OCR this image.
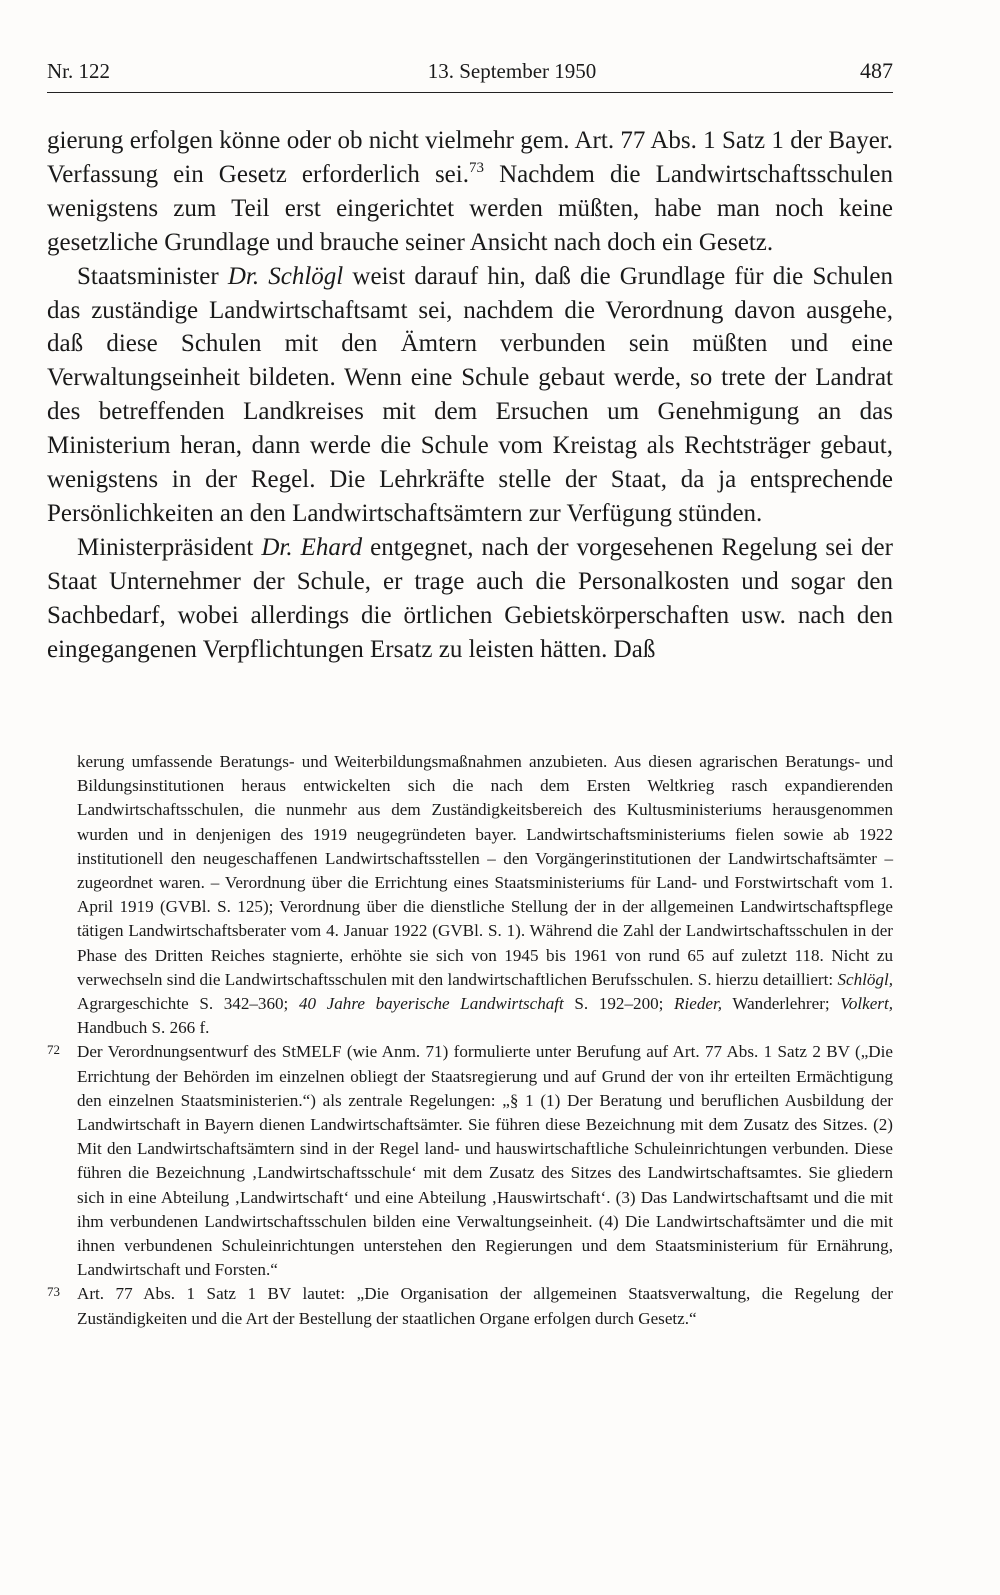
Nr. 122	13. September 1950	487

gierung erfolgen könne oder ob nicht vielmehr gem. Art. 77 Abs. 1 Satz 1 der Bayer. Verfassung ein Gesetz erforderlich sei.$^{73}$ Nachdem die Landwirtschaftsschulen wenigstens zum Teil erst eingerichtet werden müßten, habe man noch keine gesetzliche Grundlage und brauche seiner Ansicht nach doch ein Gesetz.

Staatsminister Dr. Schlögl weist darauf hin, daß die Grundlage für die Schulen das zuständige Landwirtschaftsamt sei, nachdem die Verordnung davon ausgehe, daß diese Schulen mit den Ämtern verbunden sein müßten und eine Verwaltungseinheit bildeten. Wenn eine Schule gebaut werde, so trete der Landrat des betreffenden Landkreises mit dem Ersuchen um Genehmigung an das Ministerium heran, dann werde die Schule vom Kreistag als Rechtsträger gebaut, wenigstens in der Regel. Die Lehrkräfte stelle der Staat, da ja entsprechende Persönlichkeiten an den Landwirtschaftsämtern zur Verfügung stünden.

Ministerpräsident Dr. Ehard entgegnet, nach der vorgesehenen Regelung sei der Staat Unternehmer der Schule, er trage auch die Personalkosten und sogar den Sachbedarf, wobei allerdings die örtlichen Gebietskörperschaften usw. nach den eingegangenen Verpflichtungen Ersatz zu leisten hätten. Daß

kerung umfassende Beratungs- und Weiterbildungsmaßnahmen anzubieten. Aus diesen agrarischen Beratungs- und Bildungsinstitutionen heraus entwickelten sich die nach dem Ersten Weltkrieg rasch expandierenden Landwirtschaftsschulen, die nunmehr aus dem Zuständigkeitsbereich des Kultusministeriums herausgenommen wurden und in denjenigen des 1919 neugegründeten bayer. Landwirtschaftsministeriums fielen sowie ab 1922 institutionell den neugeschaffenen Landwirtschaftsstellen – den Vorgängerinstitutionen der Landwirtschaftsämter – zugeordnet waren. – Verordnung über die Errichtung eines Staatsministeriums für Land- und Forstwirtschaft vom 1. April 1919 (GVBl. S. 125); Verordnung über die dienstliche Stellung der in der allgemeinen Landwirtschaftspflege tätigen Landwirtschaftsberater vom 4. Januar 1922 (GVBl. S. 1). Während die Zahl der Landwirtschaftsschulen in der Phase des Dritten Reiches stagnierte, erhöhte sie sich von 1945 bis 1961 von rund 65 auf zuletzt 118. Nicht zu verwechseln sind die Landwirtschaftsschulen mit den landwirtschaftlichen Berufsschulen. S. hierzu detailliert: Schlögl, Agrargeschichte S. 342–360; 40 Jahre bayerische Landwirtschaft S. 192–200; Rieder, Wanderlehrer; Volkert, Handbuch S. 266 f.

72 Der Verordnungsentwurf des StMELF (wie Anm. 71) formulierte unter Berufung auf Art. 77 Abs. 1 Satz 2 BV („Die Errichtung der Behörden im einzelnen obliegt der Staatsregierung und auf Grund der von ihr erteilten Ermächtigung den einzelnen Staatsministerien.“) als zentrale Regelungen: „§ 1 (1) Der Beratung und beruflichen Ausbildung der Landwirtschaft in Bayern dienen Landwirtschaftsämter. Sie führen diese Bezeichnung mit dem Zusatz des Sitzes. (2) Mit den Landwirtschaftsämtern sind in der Regel land- und hauswirtschaftliche Schuleinrichtungen verbunden. Diese führen die Bezeichnung ‚Landwirtschaftsschule‘ mit dem Zusatz des Sitzes des Landwirtschaftsamtes. Sie gliedern sich in eine Abteilung ‚Landwirtschaft‘ und eine Abteilung ‚Hauswirtschaft‘. (3) Das Landwirtschaftsamt und die mit ihm verbundenen Landwirtschaftsschulen bilden eine Verwaltungseinheit. (4) Die Landwirtschaftsämter und die mit ihnen verbundenen Schuleinrichtungen unterstehen den Regierungen und dem Staatsministerium für Ernährung, Landwirtschaft und Forsten.“

73 Art. 77 Abs. 1 Satz 1 BV lautet: „Die Organisation der allgemeinen Staatsverwaltung, die Regelung der Zuständigkeiten und die Art der Bestellung der staatlichen Organe erfolgen durch Gesetz.“
